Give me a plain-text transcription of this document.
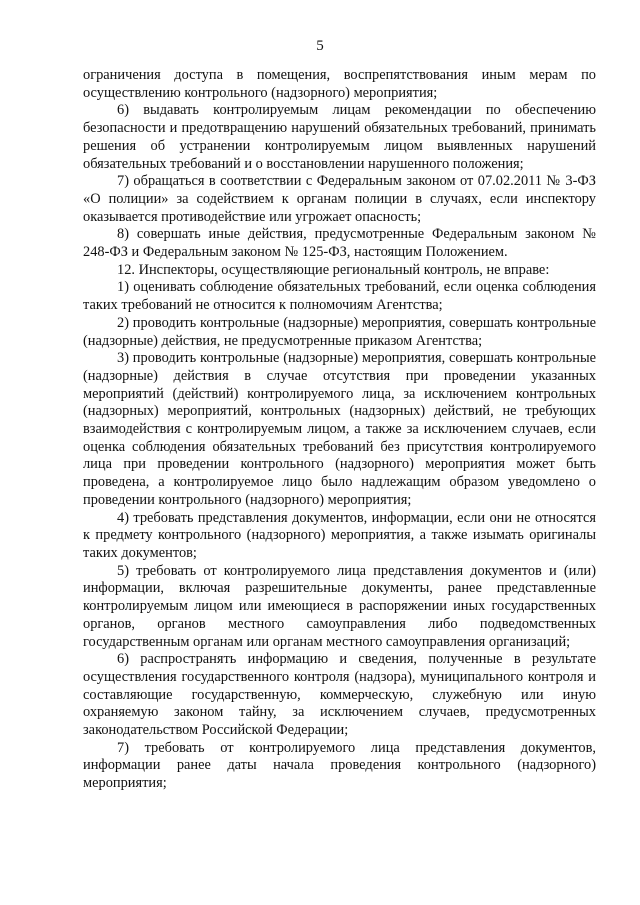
5

ограничения доступа в помещения, воспрепятствования иным мерам по осуществлению контрольного (надзорного) мероприятия;

6) выдавать контролируемым лицам рекомендации по обеспечению безопасности и предотвращению нарушений обязательных требований, принимать решения об устранении контролируемым лицом выявленных нарушений обязательных требований и о восстановлении нарушенного положения;

7) обращаться в соответствии с Федеральным законом от 07.02.2011 № 3-ФЗ «О полиции» за содействием к органам полиции в случаях, если инспектору оказывается противодействие или угрожает опасность;

8) совершать иные действия, предусмотренные Федеральным законом № 248-ФЗ и Федеральным законом № 125-ФЗ, настоящим Положением.

12. Инспекторы, осуществляющие региональный контроль, не вправе:

1) оценивать соблюдение обязательных требований, если оценка соблюдения таких требований не относится к полномочиям Агентства;

2) проводить контрольные (надзорные) мероприятия, совершать контрольные (надзорные) действия, не предусмотренные приказом Агентства;

3) проводить контрольные (надзорные) мероприятия, совершать контрольные (надзорные) действия в случае отсутствия при проведении указанных мероприятий (действий) контролируемого лица, за исключением контрольных (надзорных) мероприятий, контрольных (надзорных) действий, не требующих взаимодействия с контролируемым лицом, а также за исключением случаев, если оценка соблюдения обязательных требований без присутствия контролируемого лица при проведении контрольного (надзорного) мероприятия может быть проведена, а контролируемое лицо было надлежащим образом уведомлено о проведении контрольного (надзорного) мероприятия;

4) требовать представления документов, информации, если они не относятся к предмету контрольного (надзорного) мероприятия, а также изымать оригиналы таких документов;

5) требовать от контролируемого лица представления документов и (или) информации, включая разрешительные документы, ранее представленные контролируемым лицом или имеющиеся в распоряжении иных государственных органов, органов местного самоуправления либо подведомственных государственным органам или органам местного самоуправления организаций;

6) распространять информацию и сведения, полученные в результате осуществления государственного контроля (надзора), муниципального контроля и составляющие государственную, коммерческую, служебную или иную охраняемую законом тайну, за исключением случаев, предусмотренных законодательством Российской Федерации;

7) требовать от контролируемого лица представления документов, информации ранее даты начала проведения контрольного (надзорного) мероприятия;
